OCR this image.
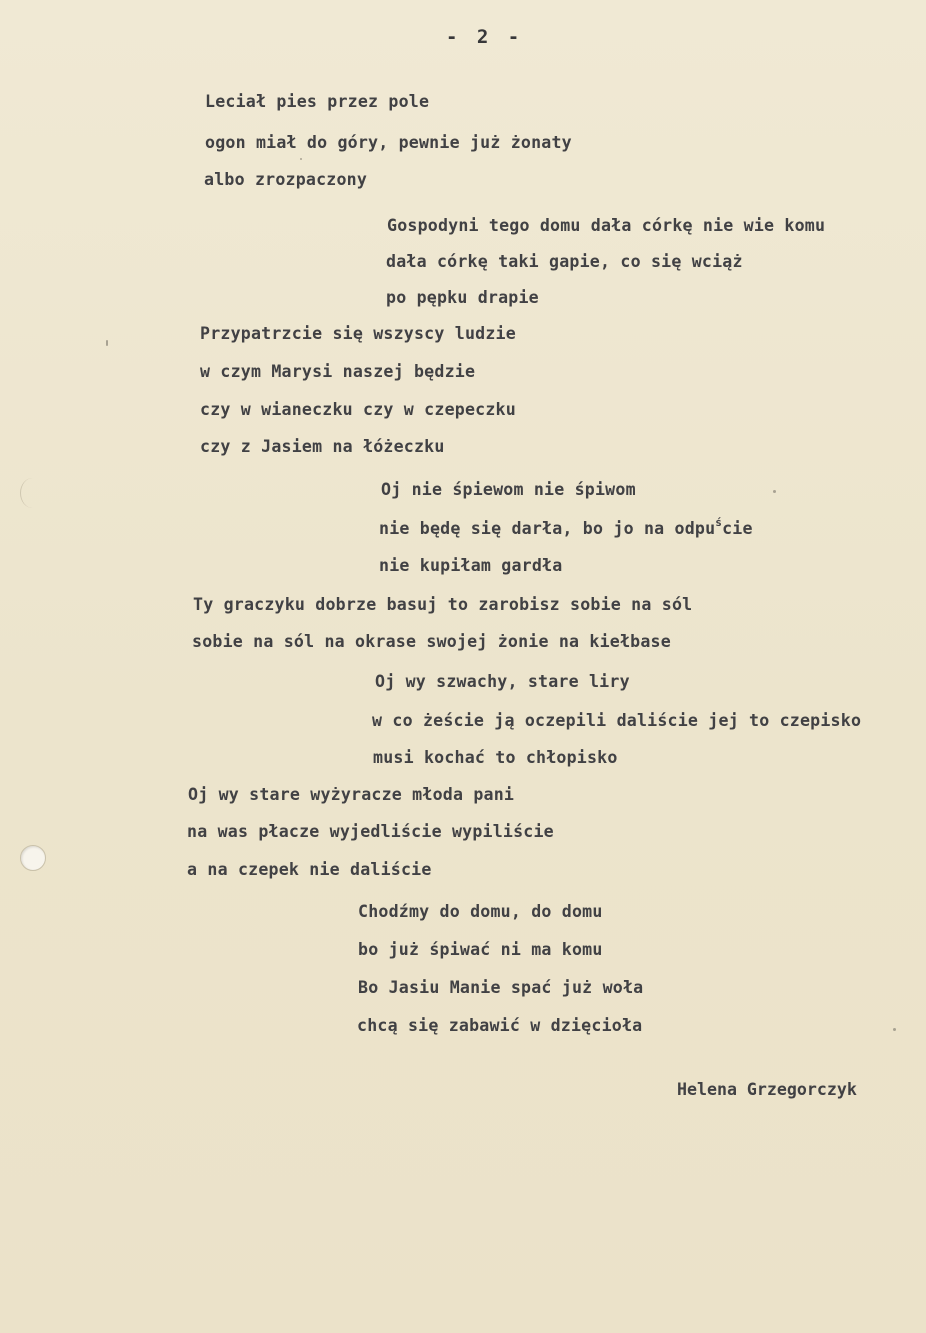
- 2 -
Leciał pies przez pole
ogon miał do góry, pewnie już żonaty
albo zrozpaczony
Gospodyni tego domu dała córkę nie wie komu
dała córkę taki gapie, co się wciąż
po pępku drapie
Przypatrzcie się wszyscy ludzie
w czym Marysi naszej będzie
czy w wianeczku czy w czepeczku
czy z Jasiem na łóżeczku
Oj nie śpiewom nie śpiwom
nie będę się darła, bo jo na odpu$^ś$cie
nie kupiłam gardła
Ty graczyku dobrze basuj to zarobisz sobie na sól
sobie na sól na okrase swojej żonie na kiełbase
Oj wy szwachy, stare liry
w co żeście ją oczepili daliście jej to czepisko
musi kochać to chłopisko
Oj wy stare wyżyracze młoda pani
na was płacze wyjedliście wypiliście
a na czepek nie daliście
Chodźmy do domu, do domu
bo już śpiwać ni ma komu
Bo Jasiu Manie spać już woła
chcą się zabawić w dzięcioła
Helena Grzegorczyk
